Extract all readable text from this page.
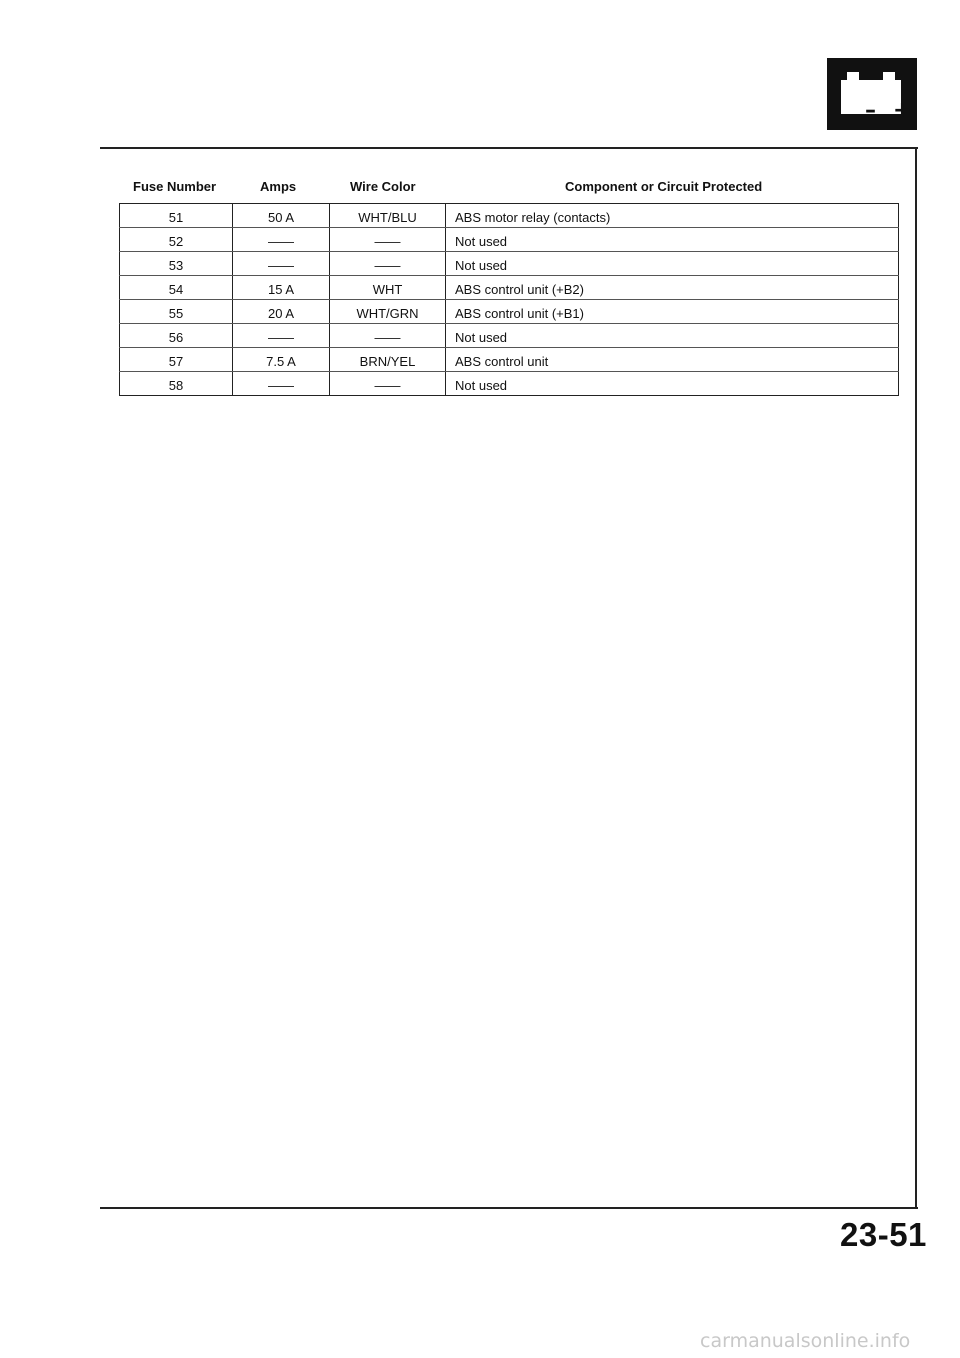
– +
Fuse Number	Amps	Wire Color	Component or Circuit Protected
51	50 A	WHT/BLU	ABS motor relay (contacts)
52	——	——	Not used
53	——	——	Not used
54	15 A	WHT	ABS control unit (+B2)
55	20 A	WHT/GRN	ABS control unit (+B1)
56	——	——	Not used
57	7.5 A	BRN/YEL	ABS control unit
58	——	——	Not used
23-51
carmanualsonline.info
